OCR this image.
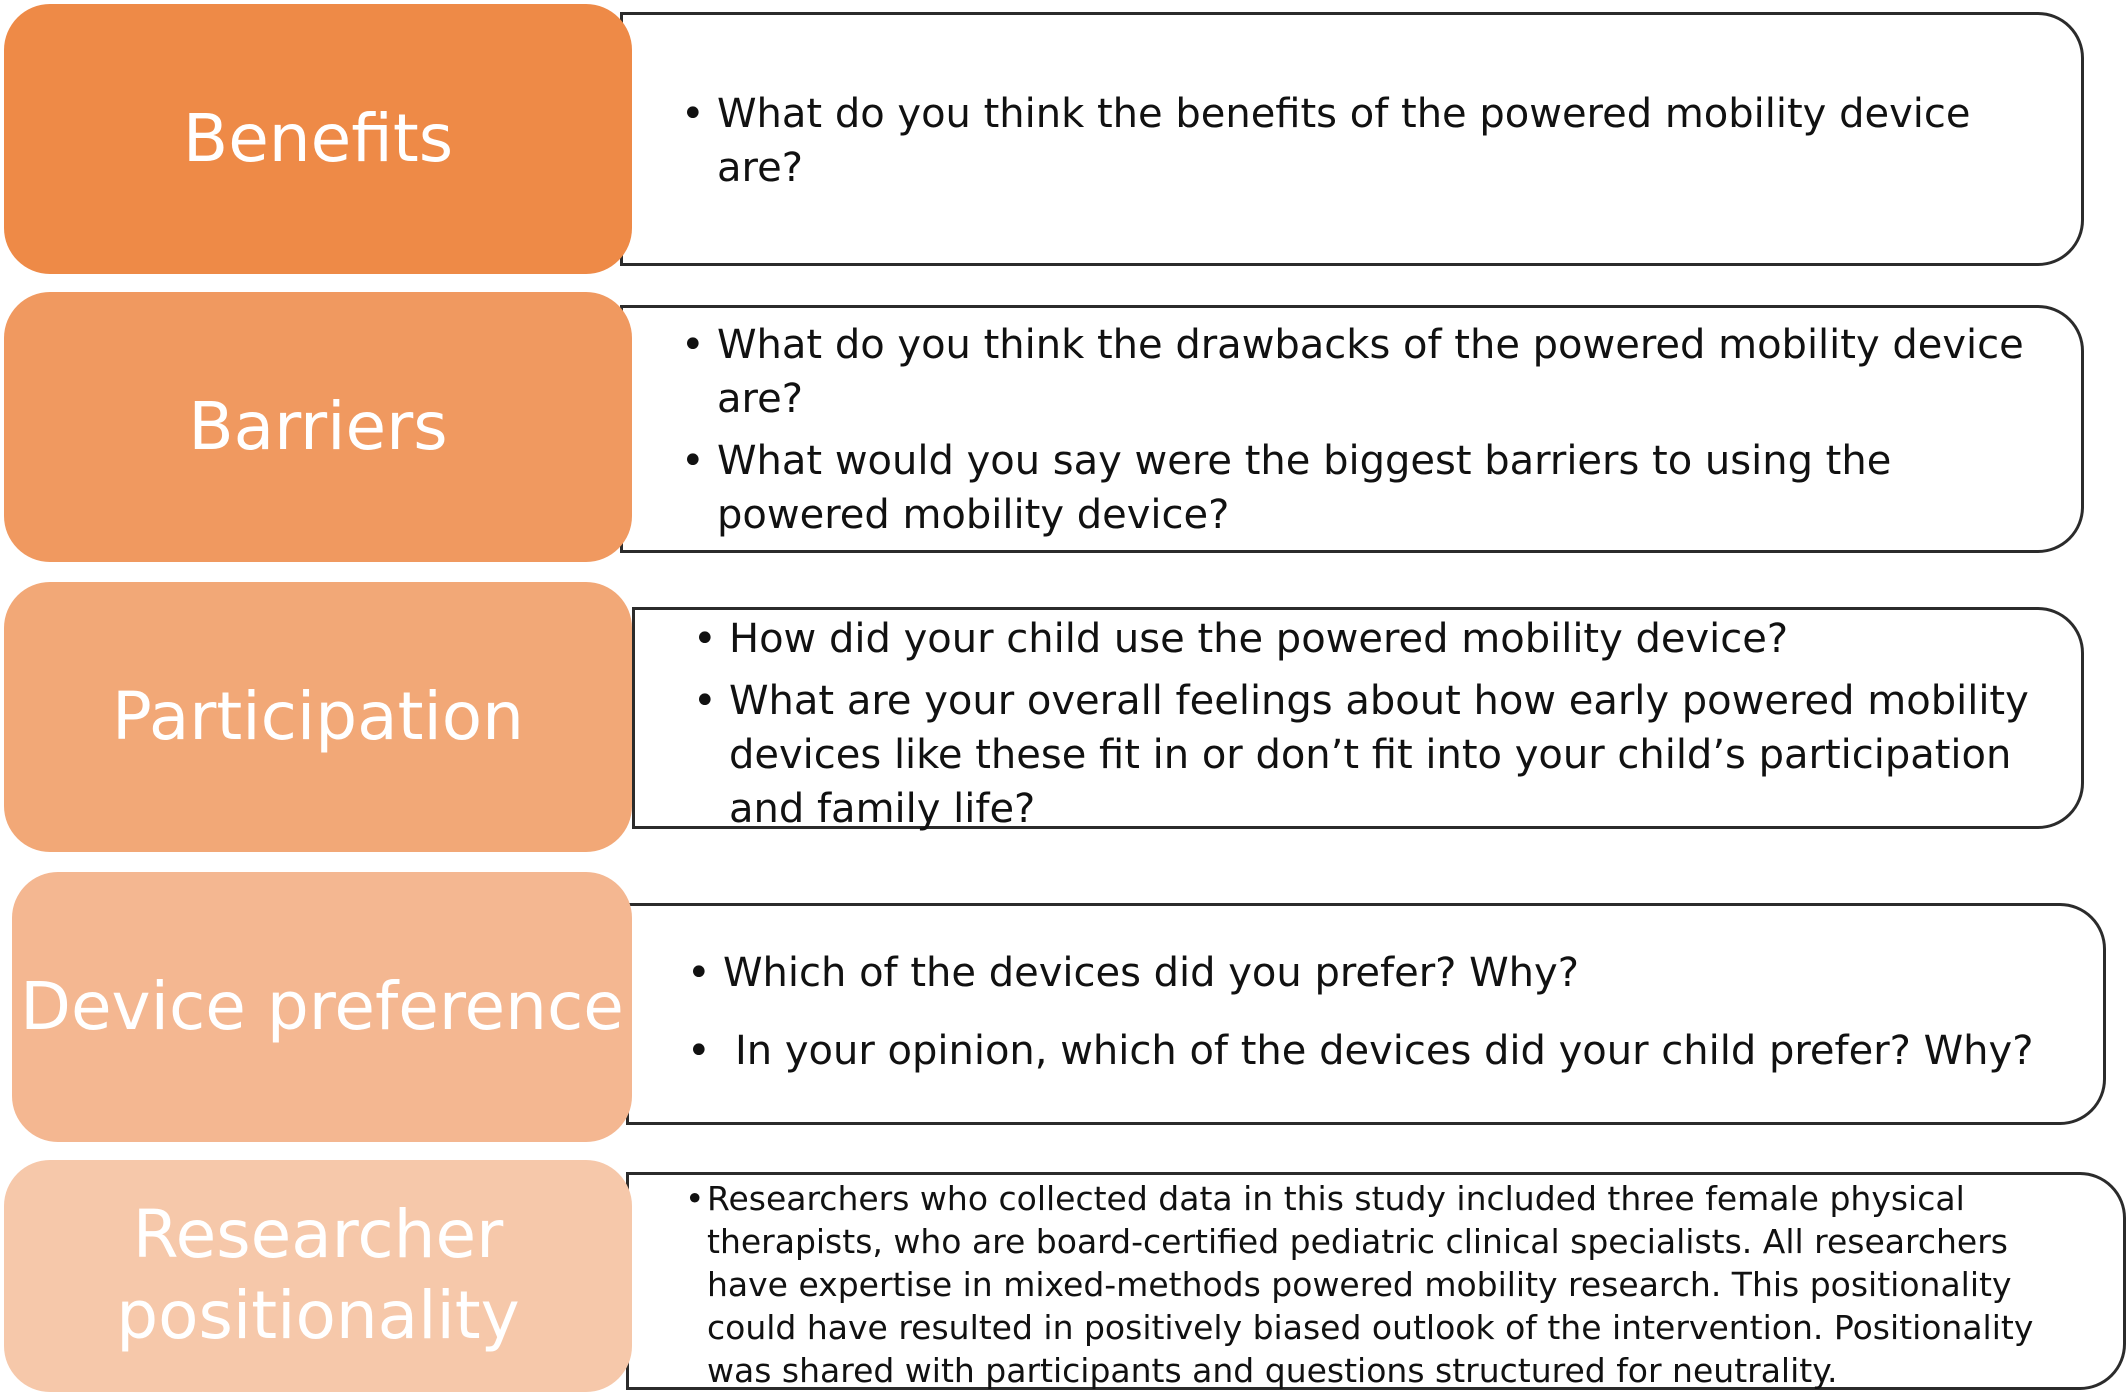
Benefits	• What do you think the benefits of the powered mobility device are?
Barriers
• What do you think the drawbacks of the powered mobility device are?
• What would you say were the biggest barriers to using the powered mobility device?
Participation
• How did your child use the powered mobility device?
• What are your overall feelings about how early powered mobility devices like these fit in or don’t fit into your child’s participation and family life?
Device preference	• Which of the devices did you prefer? Why?
• In your opinion, which of the devices did your child prefer? Why?
Researcher
positionality
• Researchers who collected data in this study included three female physical therapists, who are board-certified pediatric clinical specialists. All researchers have expertise in mixed-methods powered mobility research. This positionality could have resulted in positively biased outlook of the intervention. Positionality was shared with participants and questions structured for neutrality.
